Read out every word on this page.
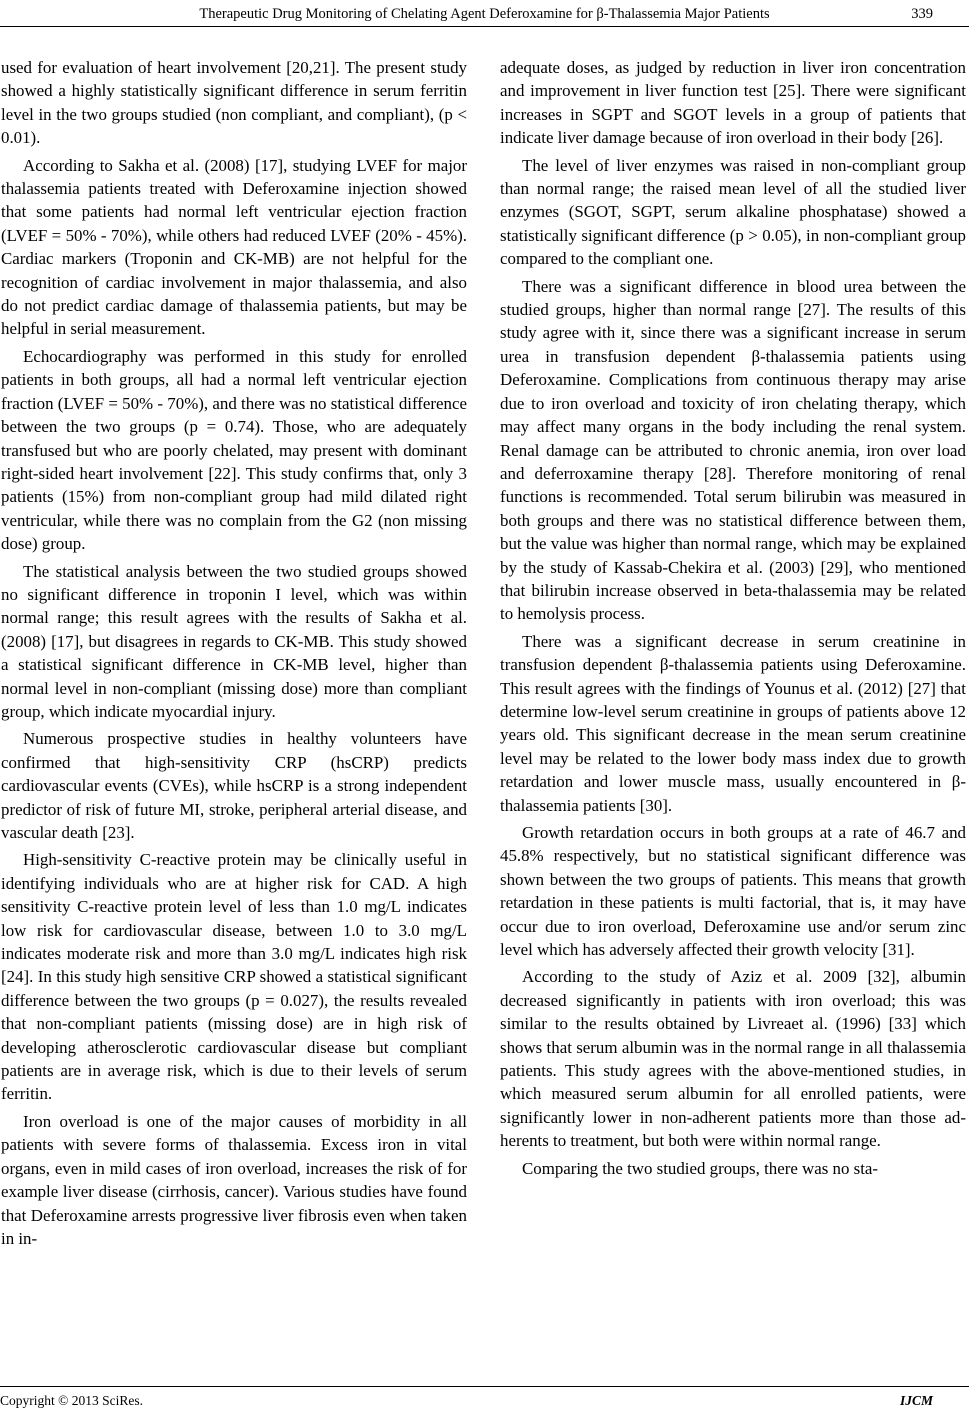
Therapeutic Drug Monitoring of Chelating Agent Deferoxamine for β-Thalassemia Major Patients	339

used for evaluation of heart involvement [20,21]. The present study showed a highly statistically significant difference in serum ferritin level in the two groups studied (non compliant, and compliant), (p < 0.01).

According to Sakha et al. (2008) [17], studying LVEF for major thalassemia patients treated with Deferoxamine injection showed that some patients had normal left ventricular ejection fraction (LVEF = 50% - 70%), while others had reduced LVEF (20% - 45%). Cardiac markers (Troponin and CK-MB) are not helpful for the recognition of cardiac involvement in major thalassemia, and also do not predict cardiac damage of thalassemia patients, but may be helpful in serial measurement.

Echocardiography was performed in this study for enrolled patients in both groups, all had a normal left ventricular ejection fraction (LVEF = 50% - 70%), and there was no statistical difference between the two groups (p = 0.74). Those, who are adequately transfused but who are poorly chelated, may present with dominant right-sided heart involvement [22]. This study confirms that, only 3 patients (15%) from non-compliant group had mild dilated right ventricular, while there was no complain from the G2 (non missing dose) group.

The statistical analysis between the two studied groups showed no significant difference in troponin I level, which was within normal range; this result agrees with the results of Sakha et al. (2008) [17], but disagrees in regards to CK-MB. This study showed a statistical significant difference in CK-MB level, higher than normal level in non-compliant (missing dose) more than compliant group, which indicate myocardial injury.

Numerous prospective studies in healthy volunteers have confirmed that high-sensitivity CRP (hsCRP) predicts cardiovascular events (CVEs), while hsCRP is a strong independent predictor of risk of future MI, stroke, peripheral arterial disease, and vascular death [23].

High-sensitivity C-reactive protein may be clinically useful in identifying individuals who are at higher risk for CAD. A high sensitivity C-reactive protein level of less than 1.0 mg/L indicates low risk for cardiovascular disease, between 1.0 to 3.0 mg/L indicates moderate risk and more than 3.0 mg/L indicates high risk [24]. In this study high sensitive CRP showed a statistical significant difference between the two groups (p = 0.027), the results revealed that non-compliant patients (missing dose) are in high risk of developing atherosclerotic cardiovascular disease but compliant patients are in average risk, which is due to their levels of serum ferritin.

Iron overload is one of the major causes of morbidity in all patients with severe forms of thalassemia. Excess iron in vital organs, even in mild cases of iron overload, increases the risk of for example liver disease (cirrhosis, cancer). Various studies have found that Deferoxamine arrests progressive liver fibrosis even when taken in in-

adequate doses, as judged by reduction in liver iron concentration and improvement in liver function test [25]. There were significant increases in SGPT and SGOT levels in a group of patients that indicate liver damage because of iron overload in their body [26].

The level of liver enzymes was raised in non-compliant group than normal range; the raised mean level of all the studied liver enzymes (SGOT, SGPT, serum alkaline phosphatase) showed a statistically significant difference (p > 0.05), in non-compliant group compared to the compliant one.

There was a significant difference in blood urea between the studied groups, higher than normal range [27]. The results of this study agree with it, since there was a significant increase in serum urea in transfusion dependent β-thalassemia patients using Deferoxamine. Complications from continuous therapy may arise due to iron overload and toxicity of iron chelating therapy, which may affect many organs in the body including the renal system. Renal damage can be attributed to chronic anemia, iron over load and deferroxamine therapy [28]. Therefore monitoring of renal functions is recommended. Total serum bilirubin was measured in both groups and there was no statistical difference between them, but the value was higher than normal range, which may be explained by the study of Kassab-Chekira et al. (2003) [29], who mentioned that bilirubin increase observed in beta-thalassemia may be related to hemolysis process.

There was a significant decrease in serum creatinine in transfusion dependent β-thalassemia patients using Deferoxamine. This result agrees with the findings of Younus et al. (2012) [27] that determine low-level serum creatinine in groups of patients above 12 years old. This significant decrease in the mean serum creatinine level may be related to the lower body mass index due to growth retardation and lower muscle mass, usually encountered in β-thalassemia patients [30].

Growth retardation occurs in both groups at a rate of 46.7 and 45.8% respectively, but no statistical significant difference was shown between the two groups of patients. This means that growth retardation in these patients is multi factorial, that is, it may have occur due to iron overload, Deferoxamine use and/or serum zinc level which has adversely affected their growth velocity [31].

According to the study of Aziz et al. 2009 [32], albumin decreased significantly in patients with iron overload; this was similar to the results obtained by Livreaet al. (1996) [33] which shows that serum albumin was in the normal range in all thalassemia patients. This study agrees with the above-mentioned studies, in which measured serum albumin for all enrolled patients, were significantly lower in non-adherent patients more than those adherents to treatment, but both were within normal range.

Comparing the two studied groups, there was no sta-

Copyright © 2013 SciRes.	IJCM
